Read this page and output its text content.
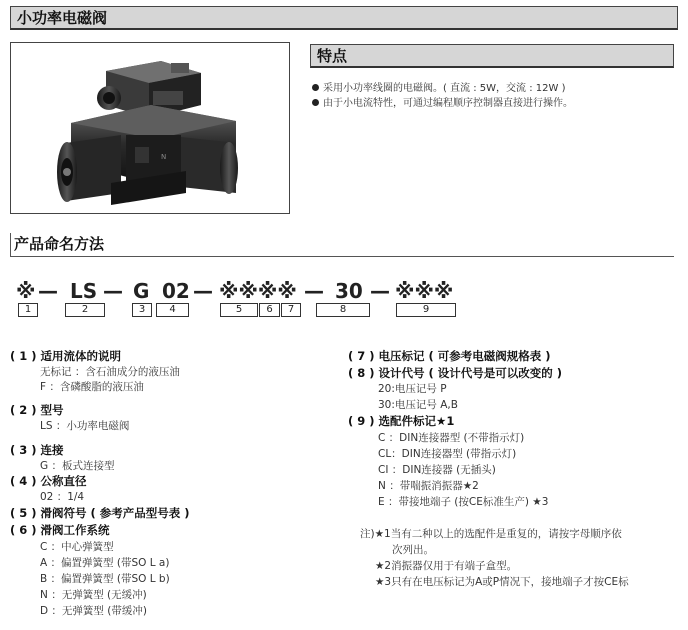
小功率电磁阀
N
特点
采用小功率线圈的电磁阀。( 直流 : 5W，交流 : 12W )
由于小电流特性，可通过编程顺序控制器直接进行操作。
产品命名方法
※ — LS — G 02 — ※※※※ — 30 — ※※※
1	2	3	4	5	6	7	8	9
( 1 ) 适用流体的说明
无标记 ：含石油成分的液压油
F ：含磷酸脂的液压油
( 2 ) 型号
LS ：小功率电磁阀
( 3 ) 连接
G ：板式连接型
( 4 ) 公称直径
02 ：1/4
( 5 ) 滑阀符号 ( 参考产品型号表 )
( 6 ) 滑阀工作系统
C ：中心弹簧型
A ：偏置弹簧型 (带SO L a)
B ：偏置弹簧型 (带SO L b)
N ：无弹簧型 (无缓冲)
D ：无弹簧型 (带缓冲)
( 7 ) 电压标记 ( 可参考电磁阀规格表 )
( 8 ) 设计代号 ( 设计代号是可以改变的 )
20:电压记号 P
30:电压记号 A,B
( 9 ) 选配件标记★1
C ：DIN连接器型 (不带指示灯)
CL：DIN连接器型 (带指示灯)
CI ：DIN连接器 (无插头)
N ：带喘振消振器★2
E ：带接地端子 (按CE标准生产) ★3
注)★1当有二种以上的选配件是重复的，请按字母顺序依
次列出。
★2消振器仅用于有端子盒型。
★3只有在电压标记为A或P情况下，接地端子才按CE标
